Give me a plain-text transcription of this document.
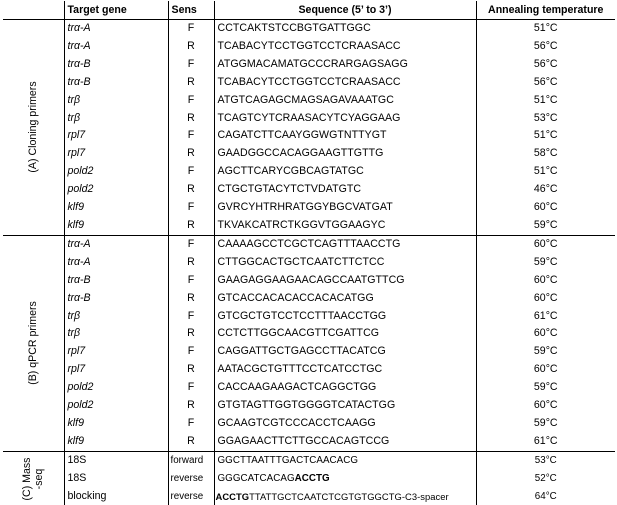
	Target gene	Sens	Sequence (5’ to 3’)	Annealing temperature

(A) Cloning primers	trα-A	F	CCTCAKTSTCCBGTGATTGGC	51°C
	trα-A	R	TCABACYTCCTGGTCCTCRAASACC	56°C
	trα-B	F	ATGGMACAMATGCCCRARGAGSAGG	56°C
	trα-B	R	TCABACYTCCTGGTCCTCRAASACC	56°C
	trβ	F	ATGTCAGAGCMAGSAGAVAAATGC	51°C
	trβ	R	TCAGTCYTCRAASACYTCYAGGAAG	53°C
	rpl7	F	CAGATCTTCAAYGGWGTNTTYGT	51°C
	rpl7	R	GAADGGCCACAGGAAGTTGTTG	58°C
	pold2	F	AGCTTCARYCGBCAGTATGC	51°C
	pold2	R	CTGCTGTACYTCTVDATGTC	46°C
	klf9	F	GVRCYHTRHRATGGYBGCVATGAT	60°C
	klf9	R	TKVAKCATRCTKGGVTGGAAGYC	59°C

(B) qPCR primers	trα-A	F	CAAAAGCCTCGCTCAGTTTAACCTG	60°C
	trα-A	R	CTTGGCACTGCTCAATCTTCTCC	59°C
	trα-B	F	GAAGAGGAAGAACAGCCAATGTTCG	60°C
	trα-B	R	GTCACCACACACCACACATGG	60°C
	trβ	F	GTCGCTGTCCTCCTTTAACCTGG	61°C
	trβ	R	CCTCTTGGCAACGTTCGATTCG	60°C
	rpl7	F	CAGGATTGCTGAGCCTTACATCG	59°C
	rpl7	R	AATACGCTGTTTCCTCATCCTGC	60°C
	pold2	F	CACCAAGAAGACTCAGGCTGG	59°C
	pold2	R	GTGTAGTTGGTGGGGTCATACTGG	60°C
	klf9	F	GCAAGTCGTCCCACCTCAAGG	59°C
	klf9	R	GGAGAACTTCTTGCCACAGTCCG	61°C

(C) Mass -seq	18S	forward	GGCTTAATTTGACTCAACACG	53°C
	18S	reverse	GGGCATCACAGACCTG	52°C
	blocking	reverse	ACCTGTTATTGCTCAATCTCGTGTGGCTG-C3-spacer	64°C
